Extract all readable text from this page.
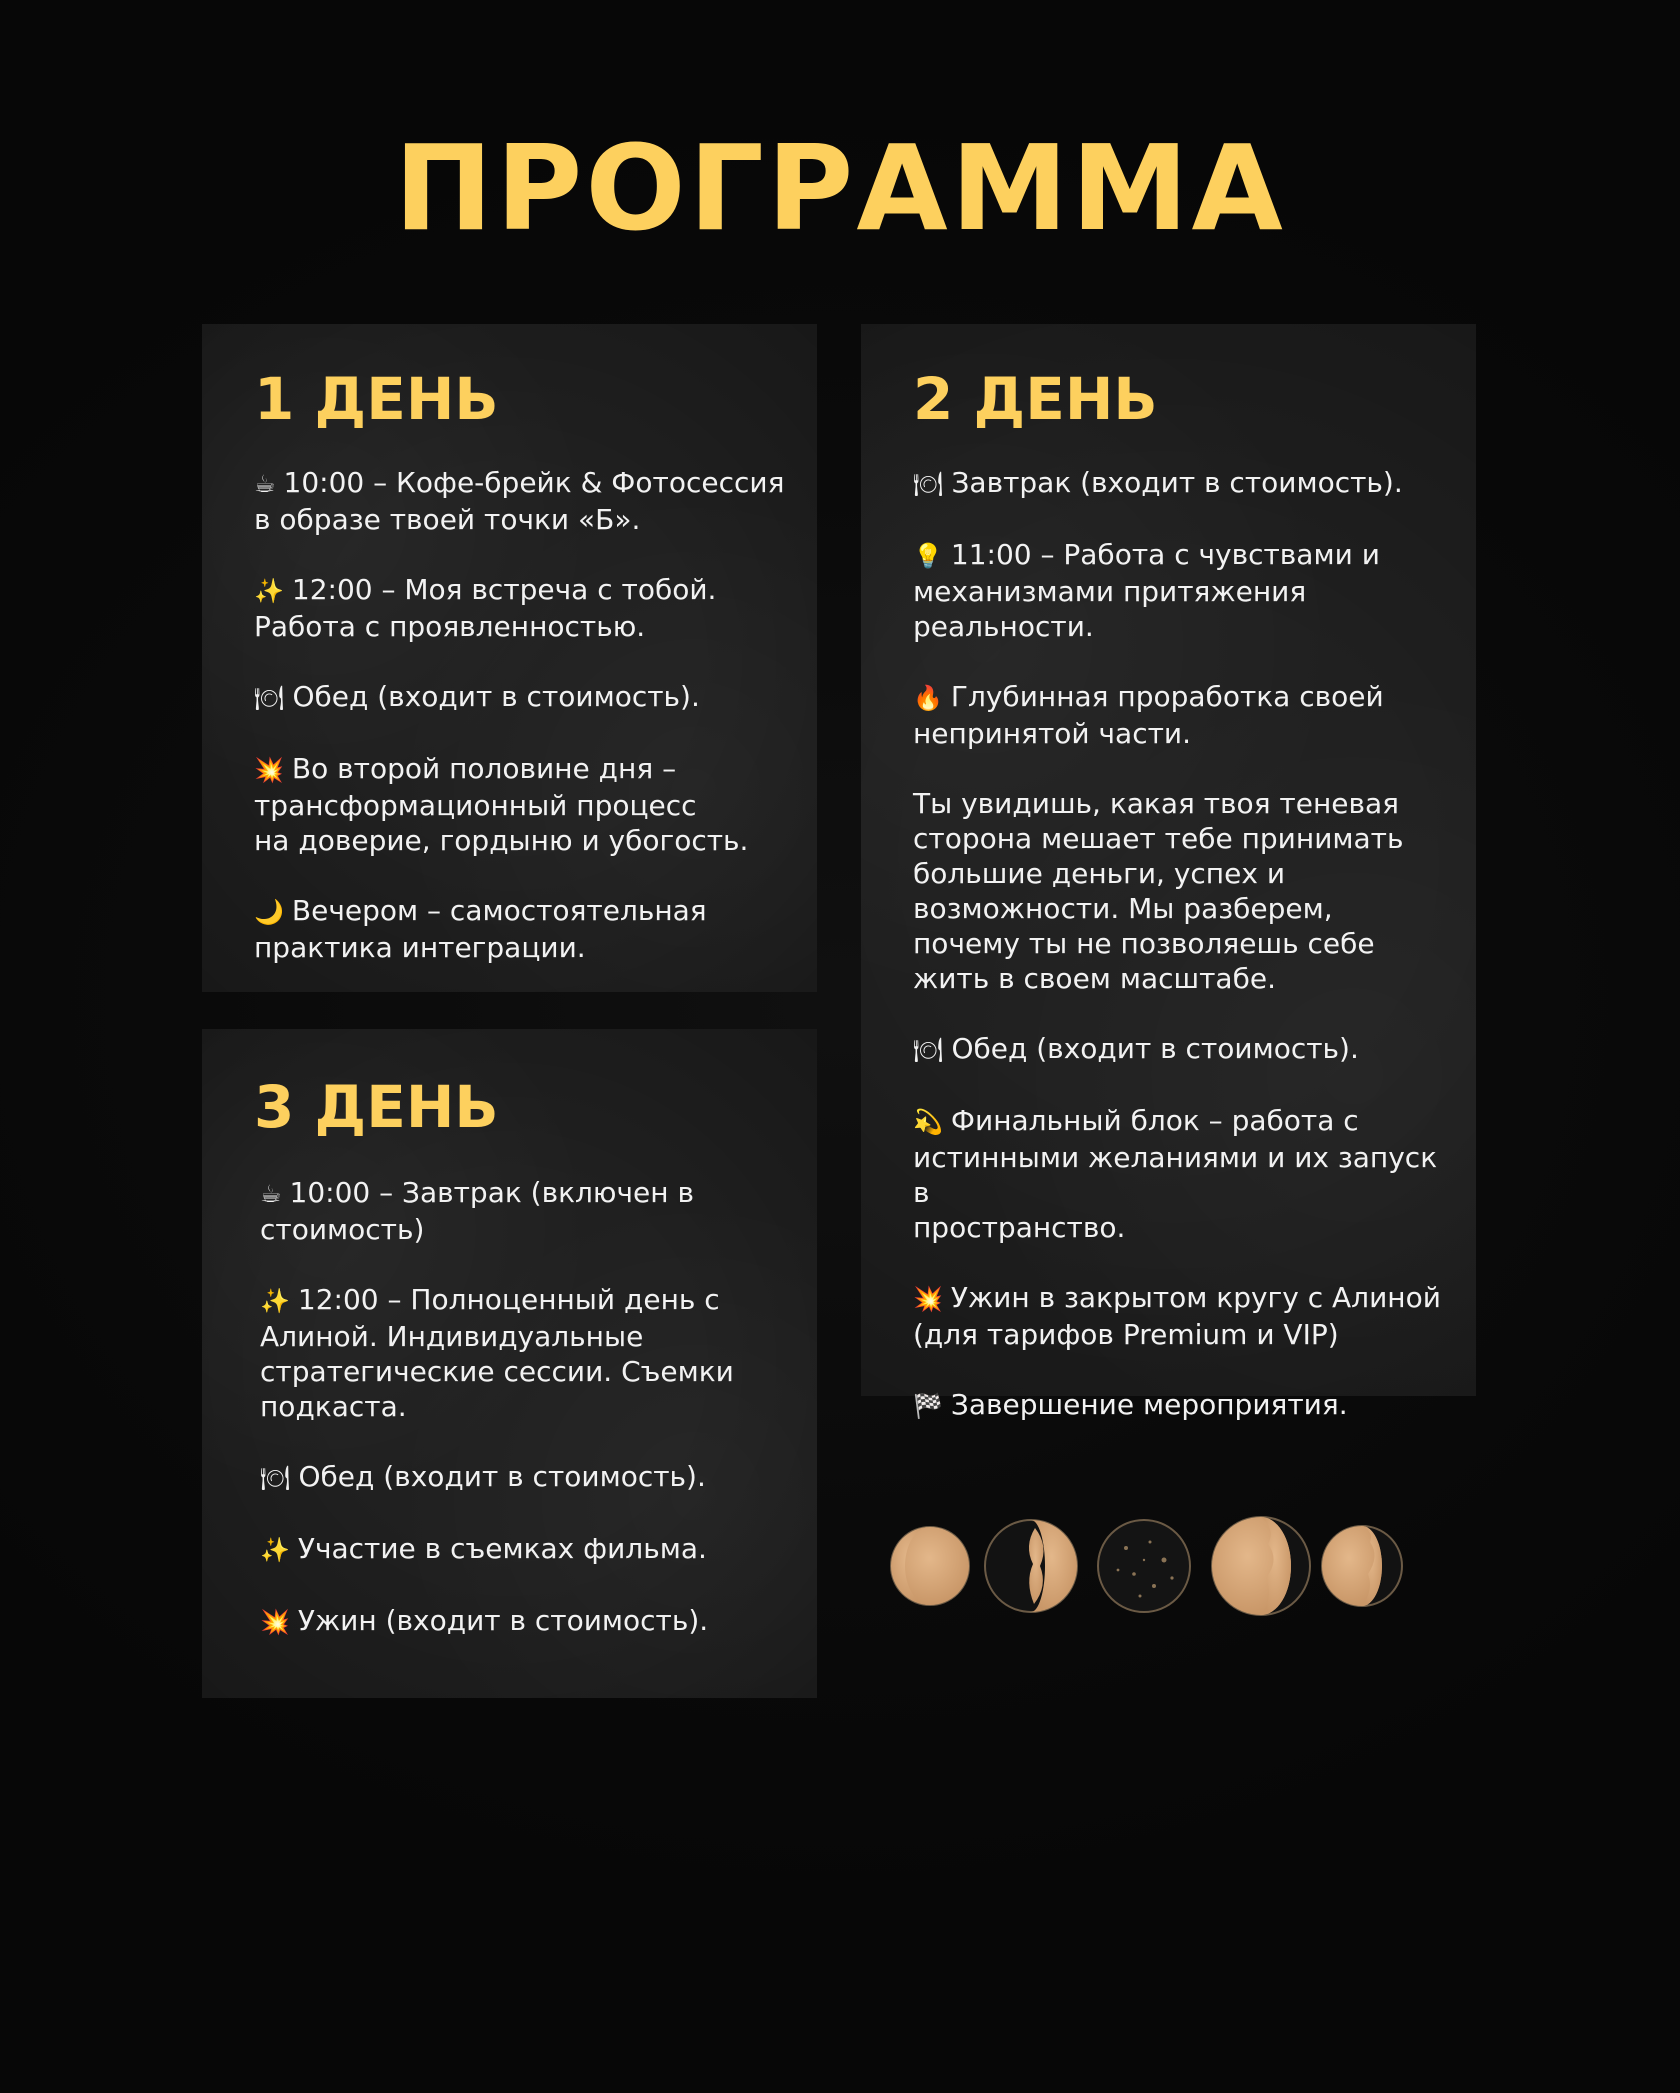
ПРОГРАММА
1 ДЕНЬ
☕ 10:00 – Кофе-брейк & Фотосессия
в образе твоей точки «Б».
✨ 12:00 – Моя встреча с тобой.
Работа с проявленностью.
🍽 Обед (входит в стоимость).
💥 Во второй половине дня –
трансформационный процесс
на доверие, гордыню и убогость.
🌙 Вечером – самостоятельная
практика интеграции.
2 ДЕНЬ
🍽 Завтрак (входит в стоимость).
💡 11:00 – Работа с чувствами и
механизмами притяжения
реальности.
🔥 Глубинная проработка своей
непринятой части.
Ты увидишь, какая твоя теневая
сторона мешает тебе принимать
большие деньги, успех и
возможности. Мы разберем,
почему ты не позволяешь себе
жить в своем масштабе.
🍽 Обед (входит в стоимость).
💫 Финальный блок – работа с
истинными желаниями и их запуск в
пространство.
💥 Ужин в закрытом кругу с Алиной
(для тарифов Premium и VIP)
🏁 Завершение мероприятия.
3 ДЕНЬ
☕ 10:00 – Завтрак (включен в
стоимость)
✨ 12:00 – Полноценный день с
Алиной. Индивидуальные
стратегические сессии. Съемки
подкаста.
🍽 Обед (входит в стоимость).
✨ Участие в съемках фильма.
💥 Ужин (входит в стоимость).
